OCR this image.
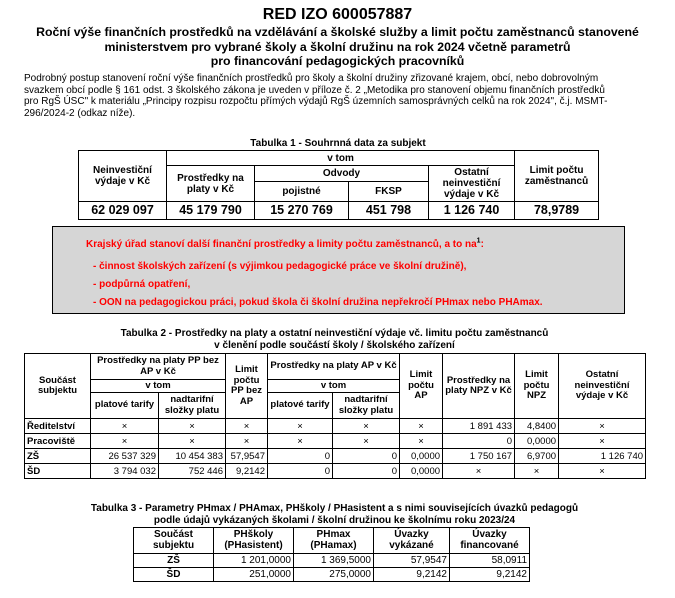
RED IZO 600057887
Roční výše finančních prostředků na vzdělávání a školské služby a limit počtu zaměstnanců stanovené
ministerstvem pro vybrané školy a školní družinu na rok 2024 včetně parametrů
pro financování pedagogických pracovníků
Podrobný postup stanovení roční výše finančních prostředků pro školy a školní družiny zřizované krajem, obcí, nebo dobrovolným
svazkem obcí podle § 161 odst. 3 školského zákona je uveden v příloze č. 2 „Metodika pro stanovení objemu finančních prostředků
pro RgŠ ÚSC" k materiálu „Principy rozpisu rozpočtu přímých výdajů RgŠ územních samosprávných celků na rok 2024", č.j. MSMT-
296/2024-2 (odkaz níže).
Tabulka 1 - Souhrnná data za subjekt
Neinvestiční výdaje v Kč	v tom				Limit počtu zaměstnanců
	Prostředky na platy v Kč	Odvody		Ostatní neinvestiční výdaje v Kč	
		pojistné	FKSP		
62 029 097	45 179 790	15 270 769	451 798	1 126 740	78,9789
Krajský úřad stanoví další finanční prostředky a limity počtu zaměstnanců, a to $na^1$:
- činnost školských zařízení (s výjimkou pedagogické práce ve školní družině),
- podpůrná opatření,
- OON na pedagogickou práci, pokud škola či školní družina nepřekročí PHmax nebo PHAmax.
Tabulka 2 - Prostředky na platy a ostatní neinvestiční výdaje vč. limitu počtu zaměstnanců
v členění podle součástí školy / školského zařízení
Součást subjektu	Prostředky na platy PP bez AP v Kč		Limit počtu PP bez AP	Prostředky na platy AP v Kč		Limit počtu AP	Prostředky na platy NPZ v Kč	Limit počtu NPZ	Ostatní neinvestiční výdaje v Kč
	v tom			v tom					
	platové tarify	nadtarifní složky platu		platové tarify	nadtarifní složky platu				
Ředitelství	×	×	×	×	×	×	1 891 433	4,8400	×
Pracoviště	×	×	×	×	×	×	0	0,0000	×
ZŠ	26 537 329	10 454 383	57,9547	0	0	0,0000	1 750 167	6,9700	1 126 740
ŠD	3 794 032	752 446	9,2142	0	0	0,0000	×	×	×
Tabulka 3 - Parametry PHmax / PHAmax, PHškoly / PHasistent a s nimi souvisejících úvazků pedagogů
podle údajů vykázaných školami / školní družinou ke školnímu roku 2023/24
Součást subjektu	PHškoly (PHasistent)	PHmax (PHamax)	Úvazky vykázané	Úvazky financované
ZŠ	1 201,0000	1 369,5000	57,9547	58,0911
ŠD	251,0000	275,0000	9,2142	9,2142
